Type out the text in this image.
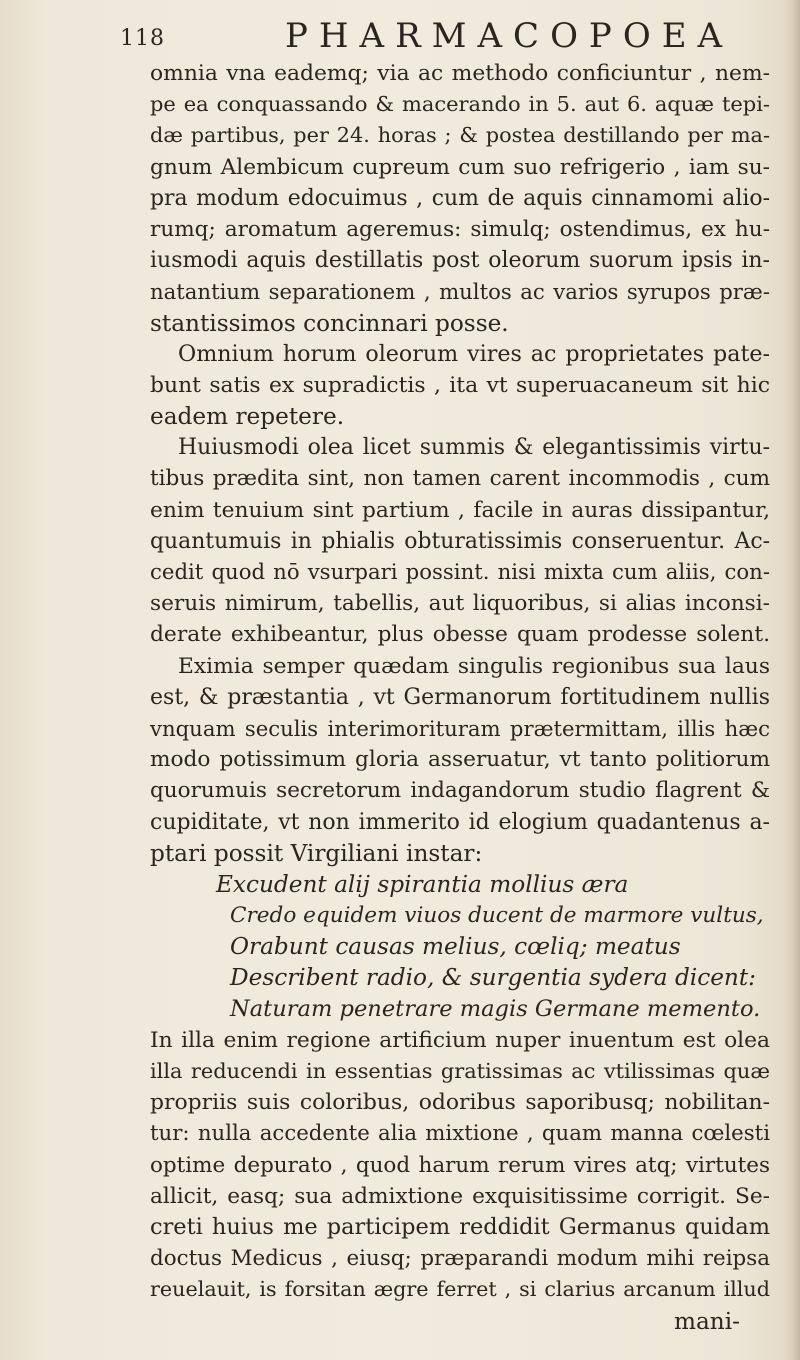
118	PHARMACOPOEA
omnia vna eademq; via ac methodo conficiuntur , nem-
pe ea conquassando & macerando in 5. aut 6. aquæ tepi-
dæ partibus, per 24. horas ; & postea destillando per ma-
gnum Alembicum cupreum cum suo refrigerio , iam su-
pra modum edocuimus , cum de aquis cinnamomi alio-
rumq; aromatum ageremus: simulq; ostendimus, ex hu-
iusmodi aquis destillatis post oleorum suorum ipsis in-
natantium separationem , multos ac varios syrupos præ-
stantissimos concinnari posse.
Omnium horum oleorum vires ac proprietates pate-
bunt satis ex supradictis , ita vt superuacaneum sit hic
eadem repetere.
Huiusmodi olea licet summis & elegantissimis virtu-
tibus prædita sint, non tamen carent incommodis , cum
enim tenuium sint partium , facile in auras dissipantur,
quantumuis in phialis obturatissimis conseruentur. Ac-
cedit quod nō vsurpari possint. nisi mixta cum aliis, con-
seruis nimirum, tabellis, aut liquoribus, si alias inconsi-
derate exhibeantur, plus obesse quam prodesse solent.
Eximia semper quædam singulis regionibus sua laus
est, & præstantia , vt Germanorum fortitudinem nullis
vnquam seculis interimorituram prætermittam, illis hæc
modo potissimum gloria asseruatur, vt tanto politiorum
quorumuis secretorum indagandorum studio flagrent &
cupiditate, vt non immerito id elogium quadantenus a-
ptari possit Virgiliani instar:
Excudent alij spirantia mollius æra
Credo equidem viuos ducent de marmore vultus,
Orabunt causas melius, cœliq; meatus
Describent radio, & surgentia sydera dicent:
Naturam penetrare magis Germane memento.
In illa enim regione artificium nuper inuentum est olea
illa reducendi in essentias gratissimas ac vtilissimas quæ
propriis suis coloribus, odoribus saporibusq; nobilitan-
tur: nulla accedente alia mixtione , quam manna cœlesti
optime depurato , quod harum rerum vires atq; virtutes
allicit, easq; sua admixtione exquisitissime corrigit. Se-
creti huius me participem reddidit Germanus quidam
doctus Medicus , eiusq; præparandi modum mihi reipsa
reuelauit, is forsitan ægre ferret , si clarius arcanum illud
mani-
